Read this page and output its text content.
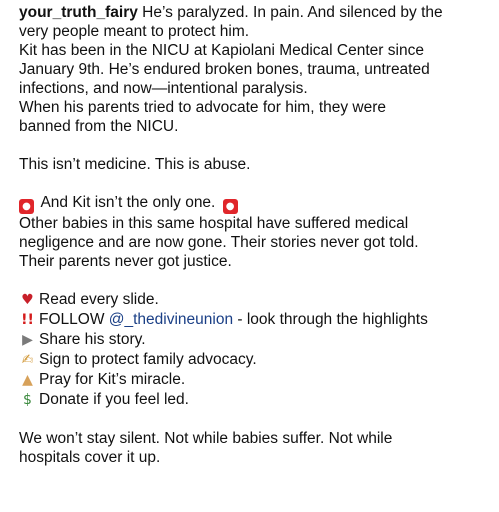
your_truth_fairy He’s paralyzed. In pain. And silenced by the
very people meant to protect him.
Kit has been in the NICU at Kapiolani Medical Center since
January 9th. He’s endured broken bones, trauma, untreated
infections, and now—intentional paralysis.
When his parents tried to advocate for him, they were
banned from the NICU.
This isn’t medicine. This is abuse.
● And Kit isn’t the only one. ●
Other babies in this same hospital have suffered medical
negligence and are now gone. Their stories never got told.
Their parents never got justice.
♥ Read every slide.
!! FOLLOW @_thedivineunion - look through the highlights
▶ Share his story.
✍ Sign to protect family advocacy.
▲ Pray for Kit’s miracle.
$ Donate if you feel led.
We won’t stay silent. Not while babies suffer. Not while
hospitals cover it up.
